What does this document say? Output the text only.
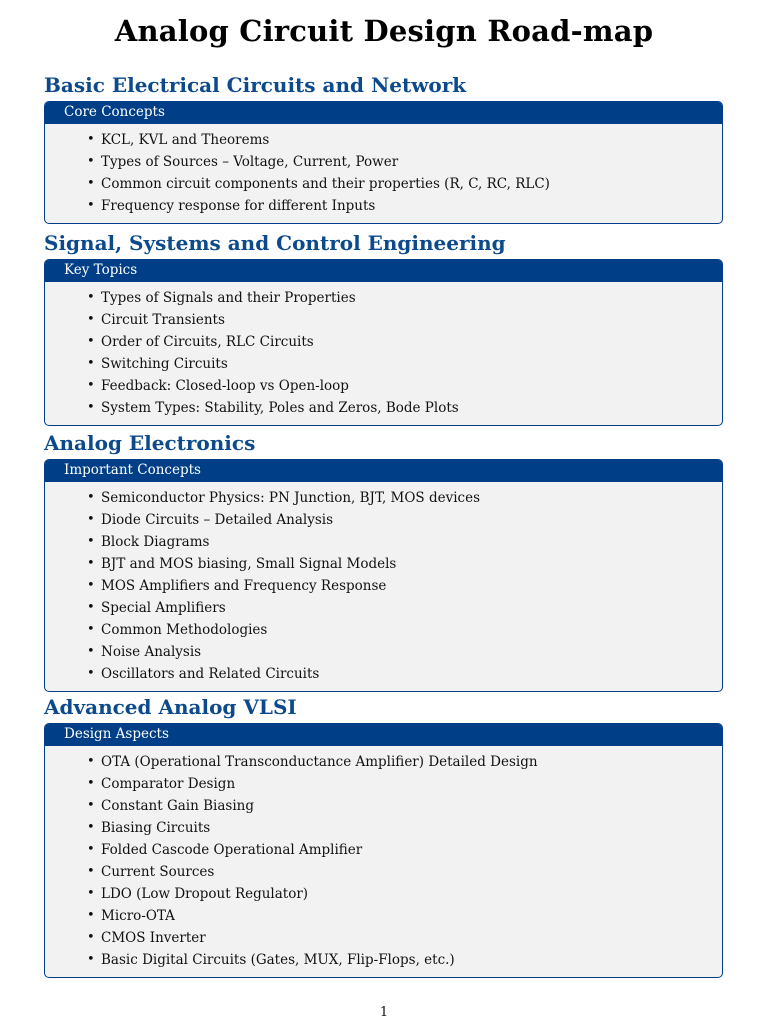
Analog Circuit Design Road-map
Basic Electrical Circuits and Network
Core Concepts
• KCL, KVL and Theorems
• Types of Sources – Voltage, Current, Power
• Common circuit components and their properties (R, C, RC, RLC)
• Frequency response for different Inputs
Signal, Systems and Control Engineering
Key Topics
• Types of Signals and their Properties
• Circuit Transients
• Order of Circuits, RLC Circuits
• Switching Circuits
• Feedback: Closed-loop vs Open-loop
• System Types: Stability, Poles and Zeros, Bode Plots
Analog Electronics
Important Concepts
• Semiconductor Physics: PN Junction, BJT, MOS devices
• Diode Circuits – Detailed Analysis
• Block Diagrams
• BJT and MOS biasing, Small Signal Models
• MOS Amplifiers and Frequency Response
• Special Amplifiers
• Common Methodologies
• Noise Analysis
• Oscillators and Related Circuits
Advanced Analog VLSI
Design Aspects
• OTA (Operational Transconductance Amplifier) Detailed Design
• Comparator Design
• Constant Gain Biasing
• Biasing Circuits
• Folded Cascode Operational Amplifier
• Current Sources
• LDO (Low Dropout Regulator)
• Micro-OTA
• CMOS Inverter
• Basic Digital Circuits (Gates, MUX, Flip-Flops, etc.)
1
